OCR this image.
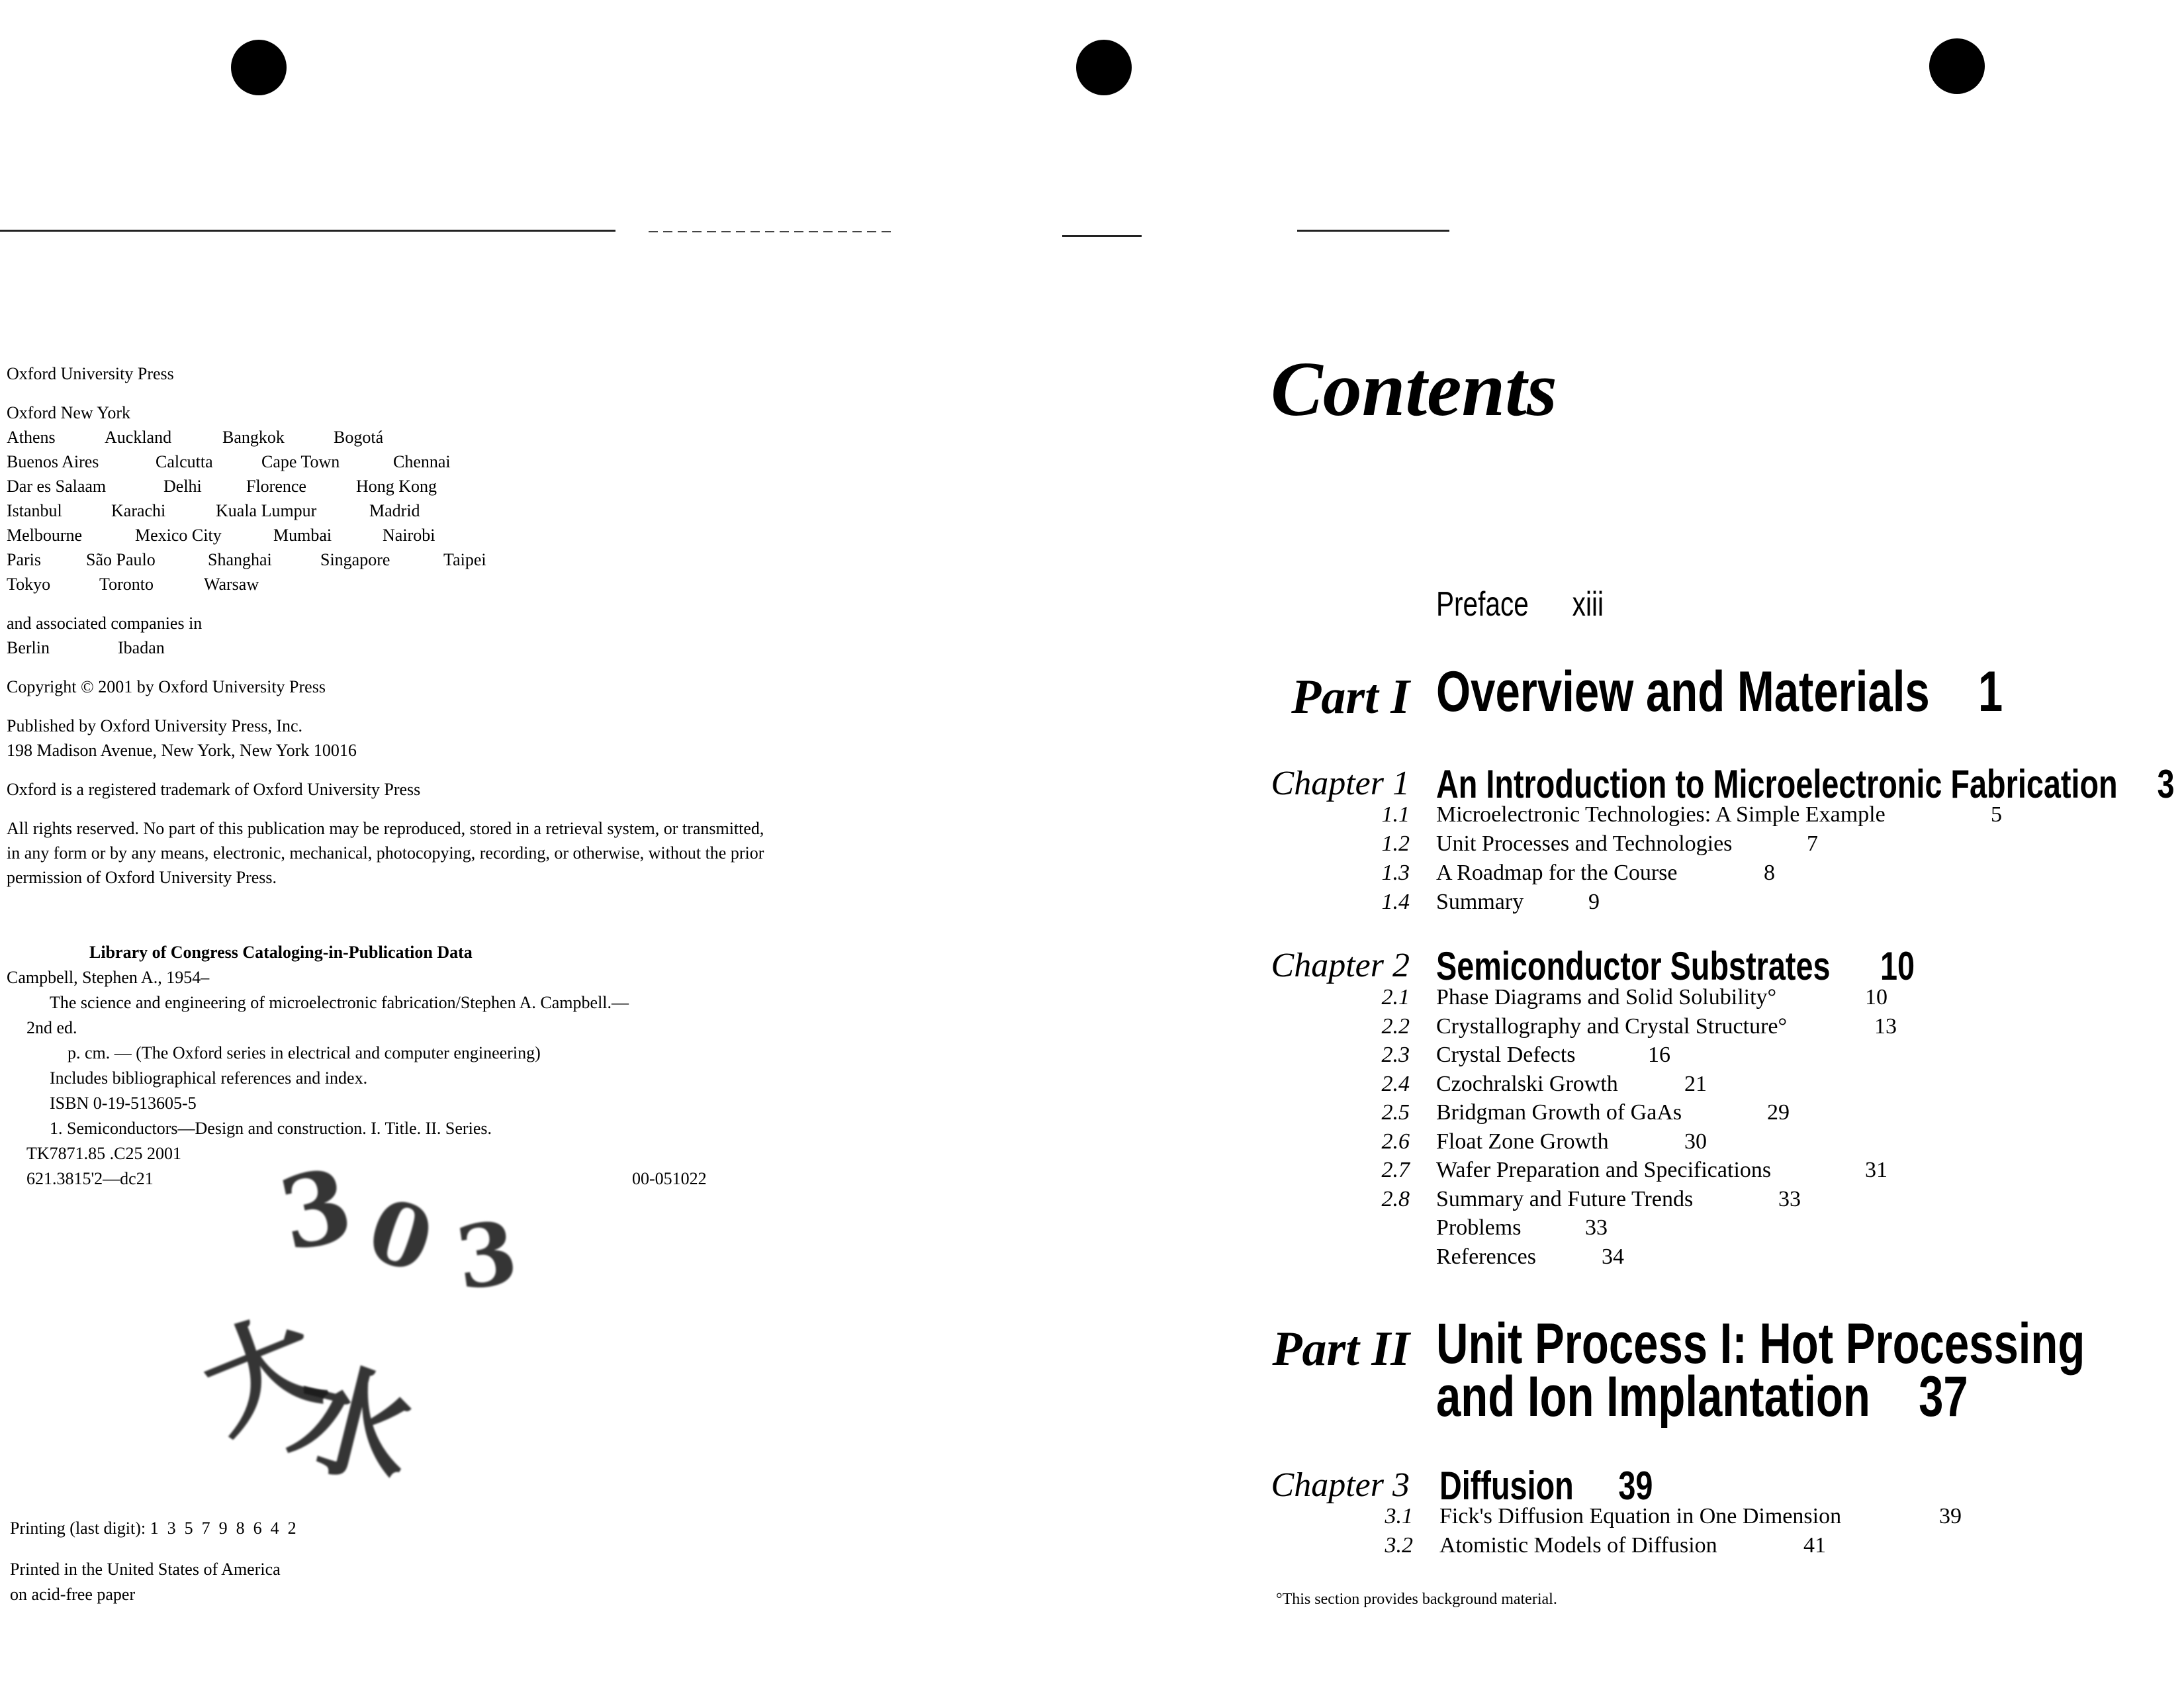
Oxford University Press
Oxford New York
Athens	Auckland	Bangkok	Bogotá
Buenos Aires	Calcutta	Cape Town	Chennai
Dar es Salaam	Delhi	Florence	Hong Kong
Istanbul	Karachi	Kuala Lumpur	Madrid
Melbourne	Mexico City	Mumbai	Nairobi
Paris	São Paulo	Shanghai	Singapore	Taipei
Tokyo	Toronto	Warsaw
and associated companies in
Berlin	Ibadan
Copyright © 2001 by Oxford University Press
Published by Oxford University Press, Inc.
198 Madison Avenue, New York, New York 10016
Oxford is a registered trademark of Oxford University Press
All rights reserved. No part of this publication may be reproduced, stored in a retrieval system, or transmitted,
in any form or by any means, electronic, mechanical, photocopying, recording, or otherwise, without the prior
permission of Oxford University Press.
Library of Congress Cataloging-in-Publication Data
Campbell, Stephen A., 1954–
The science and engineering of microelectronic fabrication/Stephen A. Campbell.—
2nd ed.
p. cm. — (The Oxford series in electrical and computer engineering)
Includes bibliographical references and index.
ISBN 0-19-513605-5
1. Semiconductors—Design and construction. I. Title. II. Series.
TK7871.85 .C25 2001
621.3815'2—dc21	00-051022
3
0 3
大
水
Printing (last digit): 1  3  5  7  9  8  6  4  2
Printed in the United States of America
on acid-free paper
Contents
Preface xiii
Part I Overview and Materials 1
Chapter 1 An Introduction to Microelectronic Fabrication 3
1.1 Microelectronic Technologies: A Simple Example	5
1.2 Unit Processes and Technologies	7
1.3 A Roadmap for the Course	8
1.4 Summary	9
Chapter 2 Semiconductor Substrates 10
2.1 Phase Diagrams and Solid Solubility°	10
2.2 Crystallography and Crystal Structure°	13
2.3 Crystal Defects	16
2.4 Czochralski Growth	21
2.5 Bridgman Growth of GaAs	29
2.6 Float Zone Growth	30
2.7 Wafer Preparation and Specifications	31
2.8 Summary and Future Trends	33
Problems	33
References	34
Part II Unit Process I: Hot Processing
and Ion Implantation 37
Chapter 3 Diffusion 39
3.1 Fick's Diffusion Equation in One Dimension	39
3.2 Atomistic Models of Diffusion	41
°This section provides background material.
